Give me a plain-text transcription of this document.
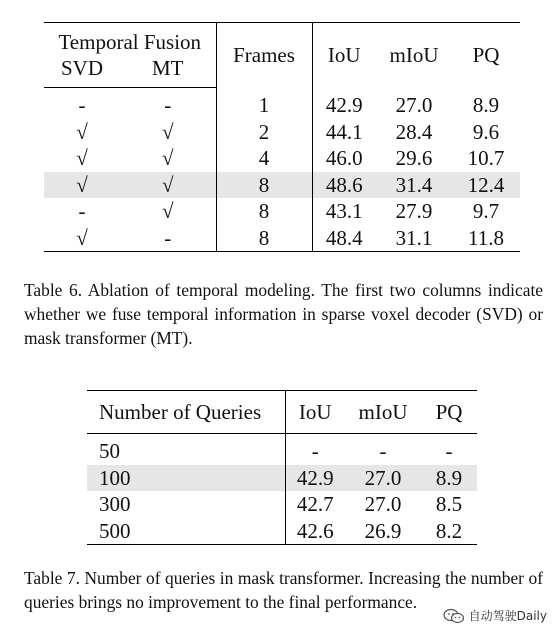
Temporal Fusion		Frames	IoU	mIoU	PQ
SVD	MT				
-	-	1	42.9	27.0	8.9
√	√	2	44.1	28.4	9.6
√	√	4	46.0	29.6	10.7
√	√	8	48.6	31.4	12.4
-	√	8	43.1	27.9	9.7
√	-	8	48.4	31.1	11.8

Table 6. Ablation of temporal modeling. The first two columns indicate whether we fuse temporal information in sparse voxel decoder (SVD) or mask transformer (MT).

Number of Queries	IoU	mIoU	PQ
50	-	-	-
100	42.9	27.0	8.9
300	42.7	27.0	8.5
500	42.6	26.9	8.2

Table 7. Number of queries in mask transformer. Increasing the number of queries brings no improvement to the final performance.

自动驾驶Daily
